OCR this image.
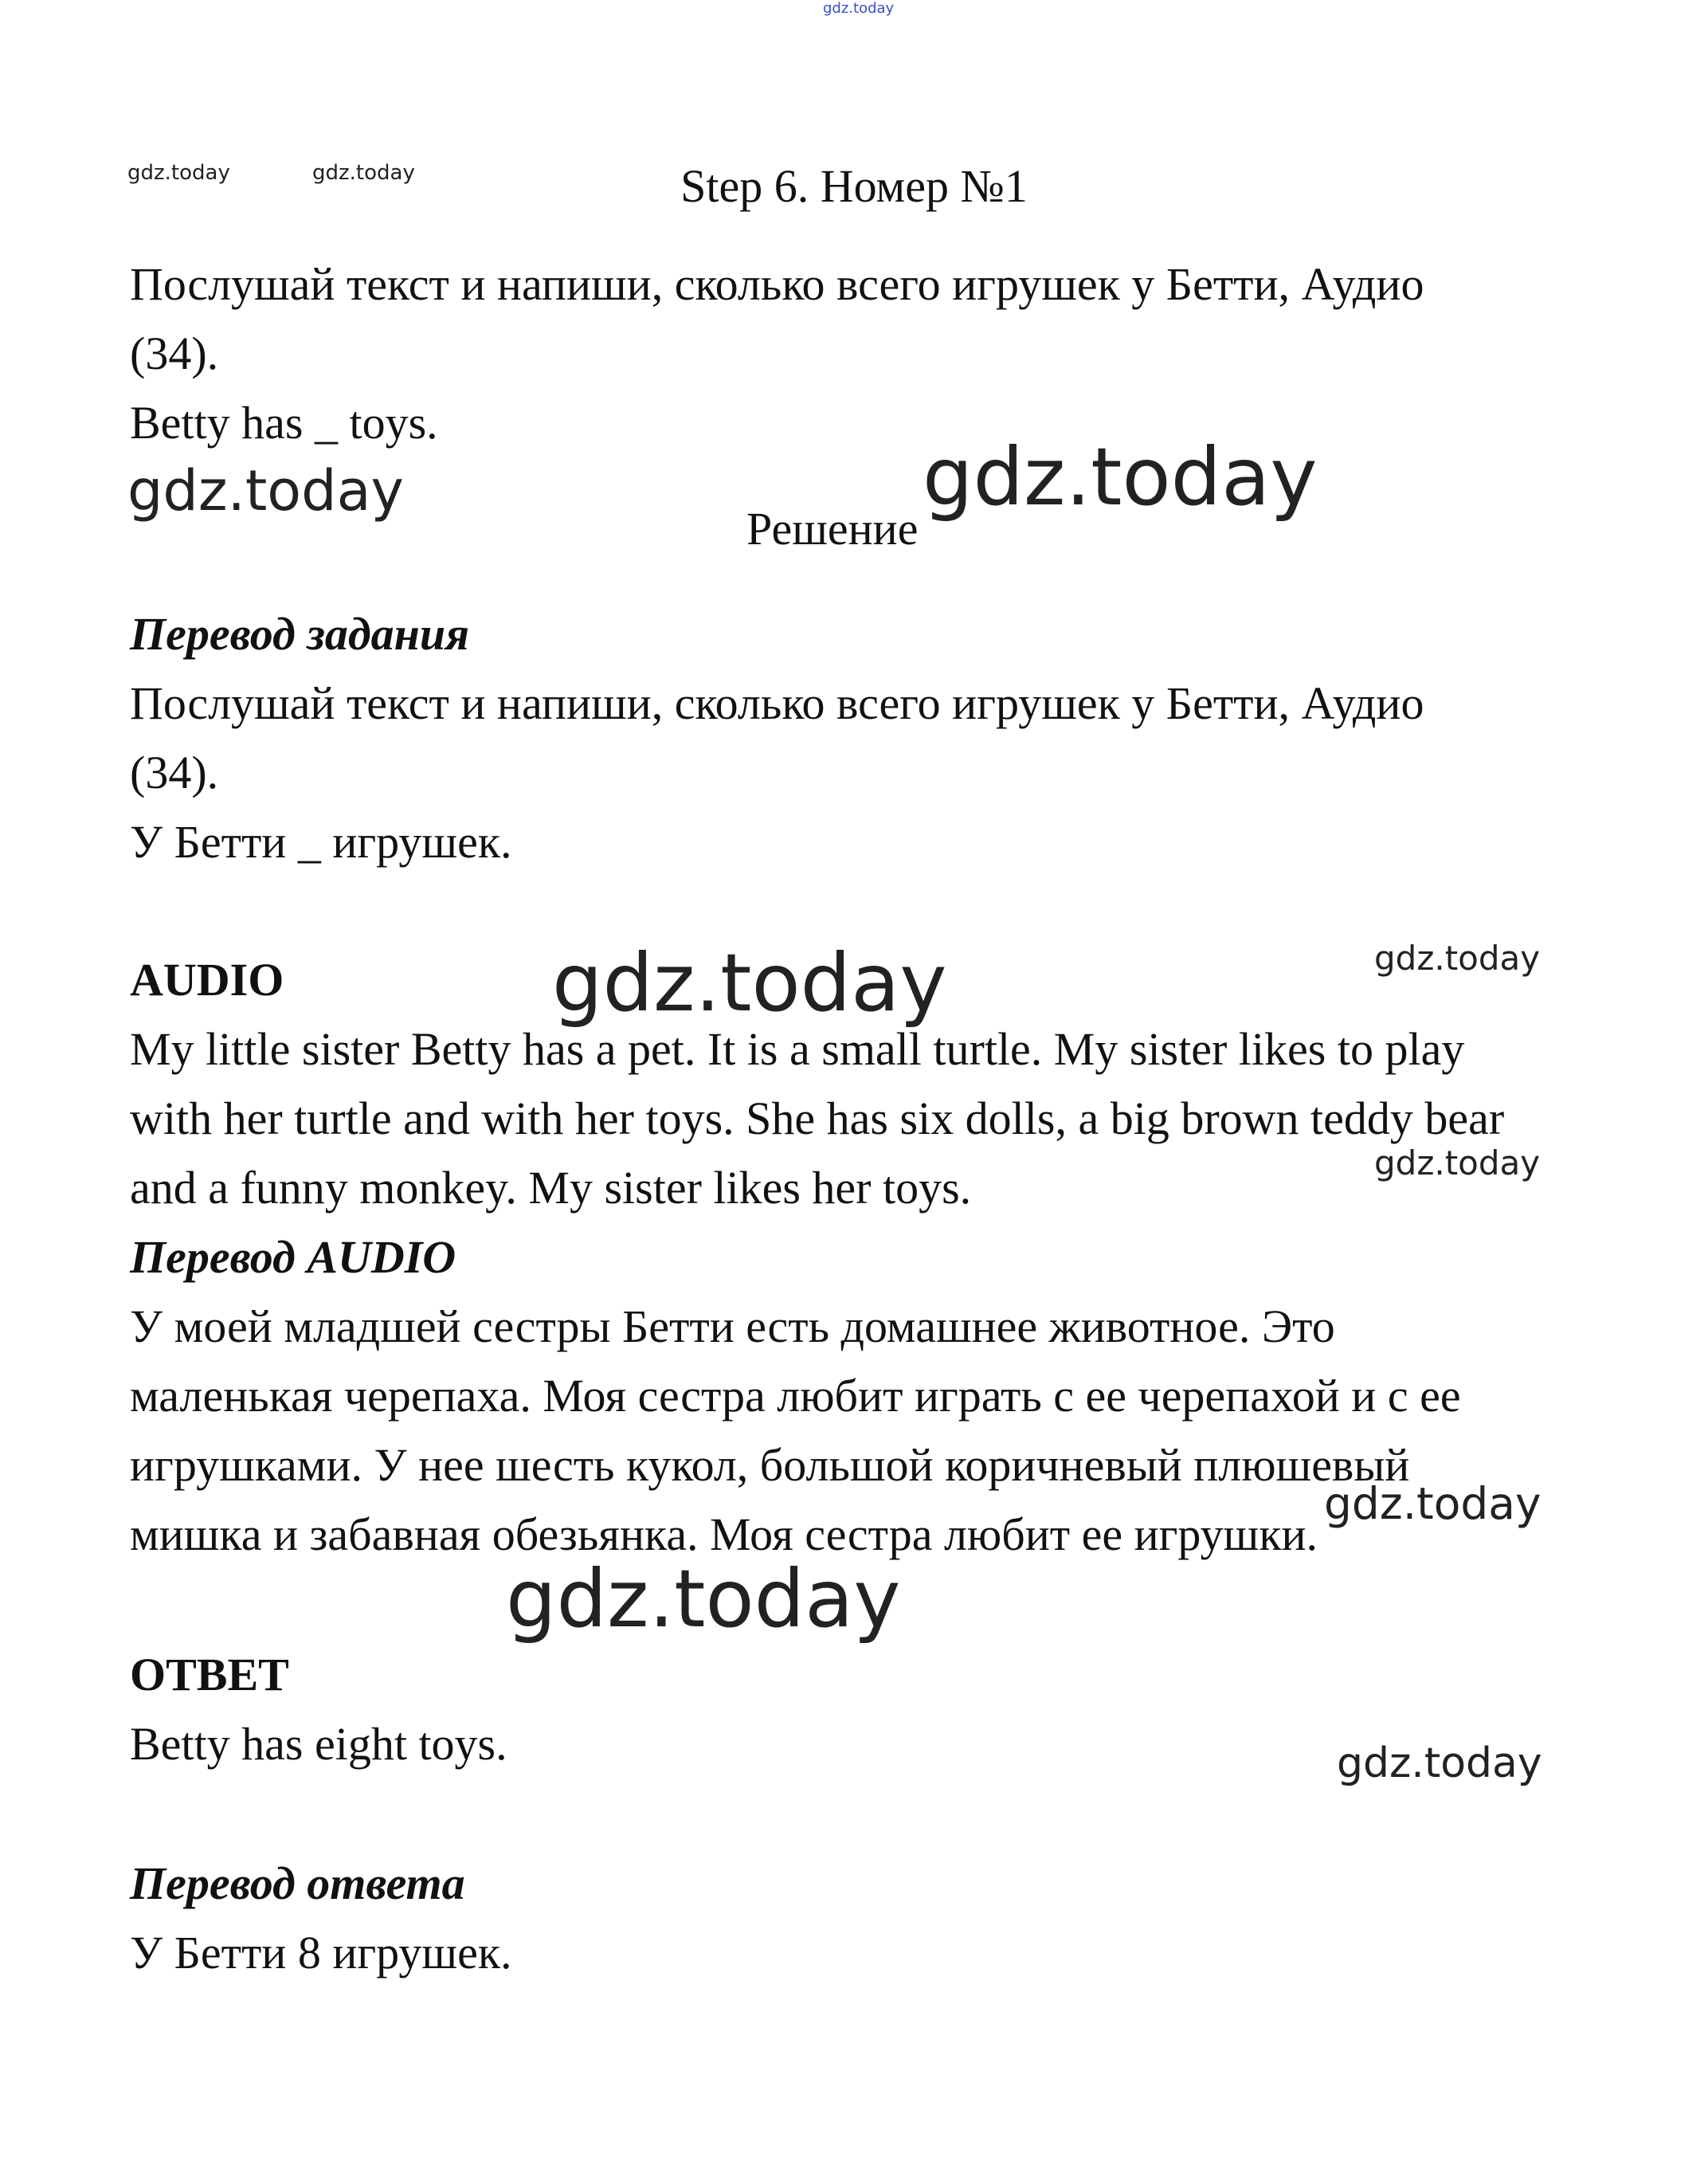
gdz.today
gdz.today	gdz.today
gdz.today	gdz.today
gdz.today
gdz.today
gdz.today
gdz.today
gdz.today
gdz.today
Step 6. Номер №1
Послушай текст и напиши, сколько всего игрушек у Бетти, Аудио
(34).
Betty has _ toys.
Решение
Перевод задания
Послушай текст и напиши, сколько всего игрушек у Бетти, Аудио
(34).
У Бетти _ игрушек.
AUDIO
My little sister Betty has a pet. It is a small turtle. My sister likes to play
with her turtle and with her toys. She has six dolls, a big brown teddy bear
and a funny monkey. My sister likes her toys.
Перевод AUDIO
У моей младшей сестры Бетти есть домашнее животное. Это
маленькая черепаха. Моя сестра любит играть с ее черепахой и с ее
игрушками. У нее шесть кукол, большой коричневый плюшевый
мишка и забавная обезьянка. Моя сестра любит ее игрушки.
ОТВЕТ
Betty has eight toys.
Перевод ответа
У Бетти 8 игрушек.
